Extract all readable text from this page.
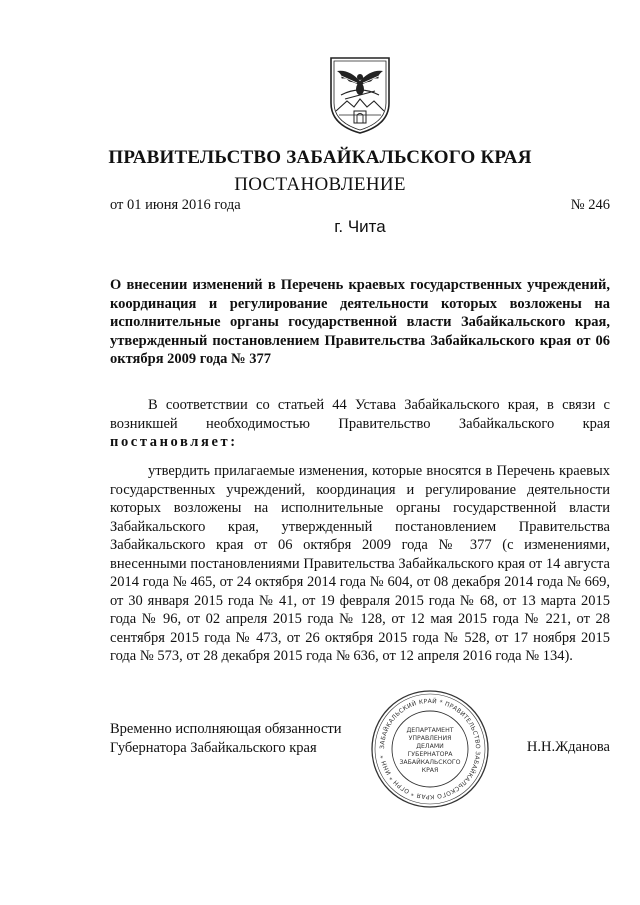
ПРАВИТЕЛЬСТВО ЗАБАЙКАЛЬСКОГО КРАЯ
ПОСТАНОВЛЕНИЕ
от 01 июня 2016 года	№ 246
г. Чита
О внесении изменений в Перечень краевых государственных учреждений, координация и регулирование деятельности которых возложены на исполнительные органы государственной власти Забайкальского края, утвержденный постановлением Правительства Забайкальского края от 06 октября 2009 года № 377
В соответствии со статьей 44 Устава Забайкальского края, в связи с возникшей необходимостью Правительство Забайкальского края постановляет:
утвердить прилагаемые изменения, которые вносятся в Перечень краевых государственных учреждений, координация и регулирование деятельности которых возложены на исполнительные органы государственной власти Забайкальского края, утвержденный постановлением Правительства Забайкальского края от 06 октября 2009 года № 377 (с изменениями, внесенными постановлениями Правительства Забайкальского края от 14 августа 2014 года № 465, от 24 октября 2014 года № 604, от 08 декабря 2014 года № 669, от 30 января 2015 года № 41, от 19 февраля 2015 года № 68, от 13 марта 2015 года № 96, от 02 апреля 2015 года № 128, от 12 мая 2015 года № 221, от 28 сентября 2015 года № 473, от 26 октября 2015 года № 528, от 17 ноября 2015 года № 573, от 28 декабря 2015 года № 636, от 12 апреля 2016 года № 134).
Временно исполняющая обязанности
Губернатора Забайкальского края	Н.Н.Жданова
ЗАБАЙКАЛЬСКИЙ КРАЙ * ПРАВИТЕЛЬСТВО ЗАБАЙКАЛЬСКОГО КРАЯ * ОГРН * ИНН *
ДЕПАРТАМЕНТ
УПРАВЛЕНИЯ
ДЕЛАМИ
ГУБЕРНАТОРА
ЗАБАЙКАЛЬСКОГО
КРАЯ
